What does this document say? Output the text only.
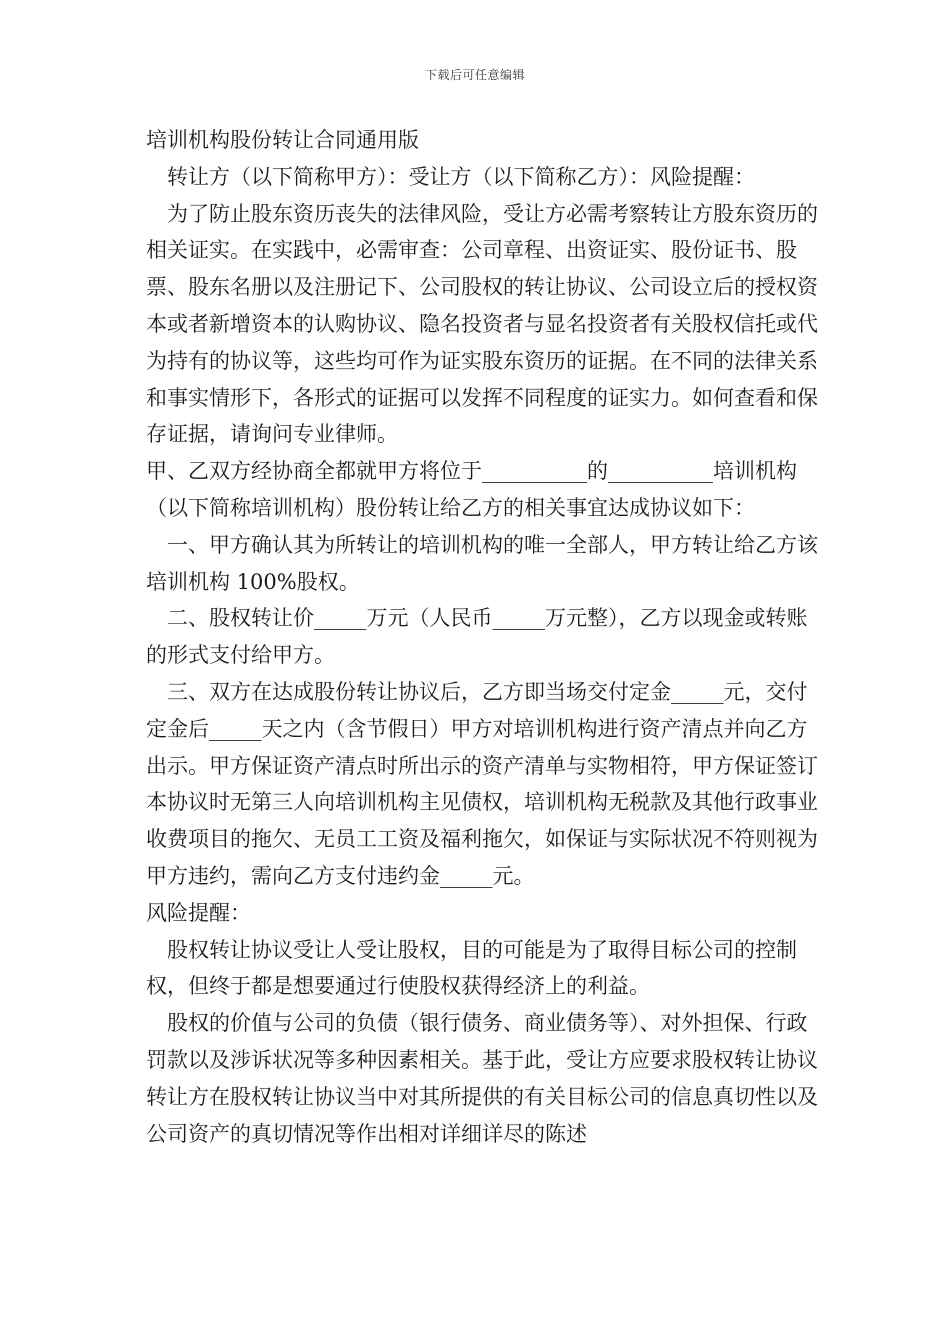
下载后可任意编辑

培训机构股份转让合同通用版

转让方（以下简称甲方）：受让方（以下简称乙方）：风险提醒：

为了防止股东资历丧失的法律风险，受让方必需考察转让方股东资历的相关证实。在实践中，必需审查：公司章程、出资证实、股份证书、股票、股东名册以及注册记下、公司股权的转让协议、公司设立后的授权资本或者新增资本的认购协议、隐名投资者与显名投资者有关股权信托或代为持有的协议等，这些均可作为证实股东资历的证据。在不同的法律关系和事实情形下，各形式的证据可以发挥不同程度的证实力。如何查看和保存证据，请询问专业律师。

甲、乙双方经协商全都就甲方将位于__________的__________培训机构（以下简称培训机构）股份转让给乙方的相关事宜达成协议如下：

一、甲方确认其为所转让的培训机构的唯一全部人，甲方转让给乙方该培训机构 100%股权。

二、股权转让价_____万元（人民币_____万元整），乙方以现金或转账的形式支付给甲方。

三、双方在达成股份转让协议后，乙方即当场交付定金_____元，交付定金后_____天之内（含节假日）甲方对培训机构进行资产清点并向乙方出示。甲方保证资产清点时所出示的资产清单与实物相符，甲方保证签订本协议时无第三人向培训机构主见债权，培训机构无税款及其他行政事业收费项目的拖欠、无员工工资及福利拖欠，如保证与实际状况不符则视为甲方违约，需向乙方支付违约金_____元。

风险提醒：

股权转让协议受让人受让股权，目的可能是为了取得目标公司的控制权，但终于都是想要通过行使股权获得经济上的利益。

股权的价值与公司的负债（银行债务、商业债务等）、对外担保、行政罚款以及涉诉状况等多种因素相关。基于此，受让方应要求股权转让协议转让方在股权转让协议当中对其所提供的有关目标公司的信息真切性以及公司资产的真切情况等作出相对详细详尽的陈述
